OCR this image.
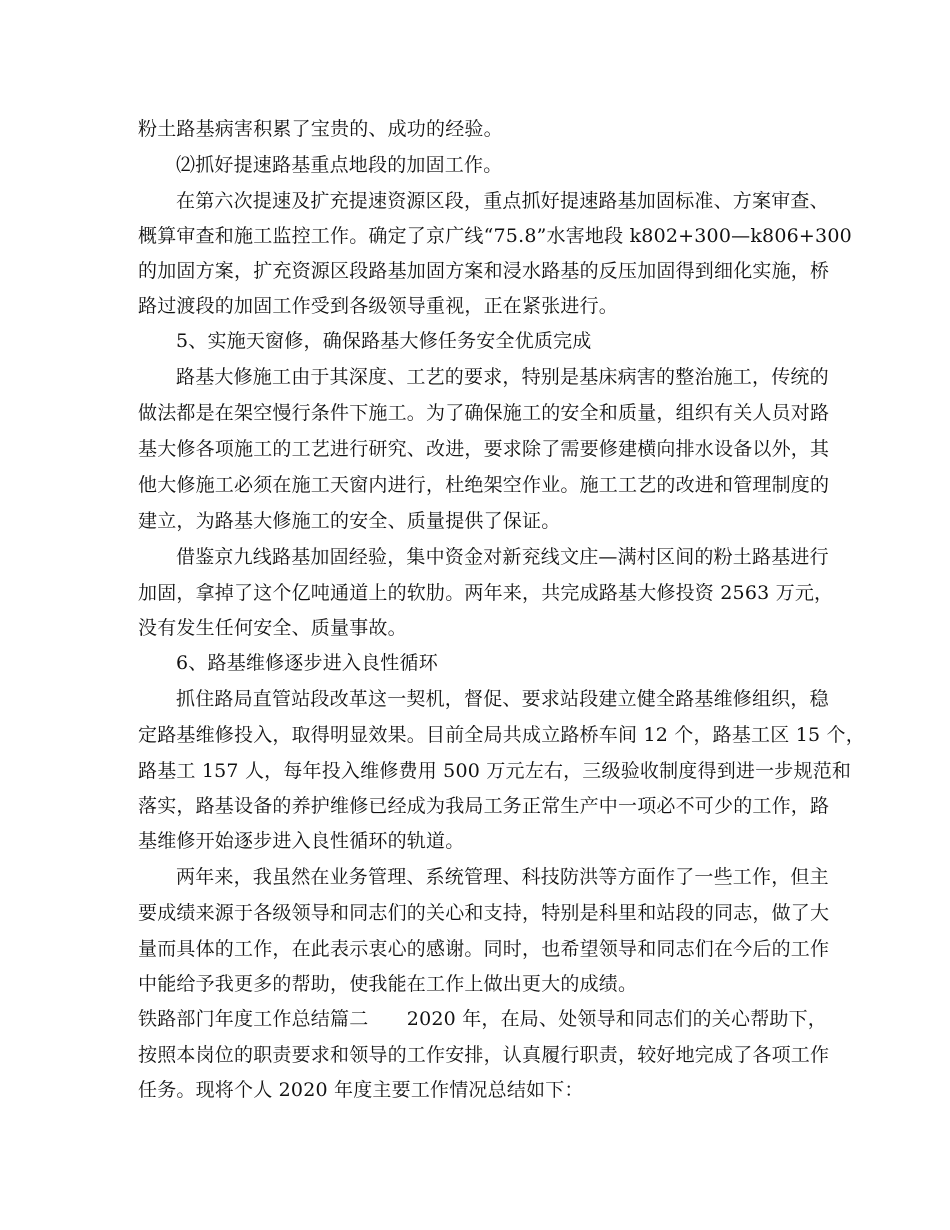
粉土路基病害积累了宝贵的、成功的经验。
⑵抓好提速路基重点地段的加固工作。
在第六次提速及扩充提速资源区段，重点抓好提速路基加固标准、方案审查、
概算审查和施工监控工作。确定了京广线“75.8”水害地段 k802+300—k806+300
的加固方案，扩充资源区段路基加固方案和浸水路基的反压加固得到细化实施，桥
路过渡段的加固工作受到各级领导重视，正在紧张进行。
5、实施天窗修，确保路基大修任务安全优质完成
路基大修施工由于其深度、工艺的要求，特别是基床病害的整治施工，传统的
做法都是在架空慢行条件下施工。为了确保施工的安全和质量，组织有关人员对路
基大修各项施工的工艺进行研究、改进，要求除了需要修建横向排水设备以外，其
他大修施工必须在施工天窗内进行，杜绝架空作业。施工工艺的改进和管理制度的
建立，为路基大修施工的安全、质量提供了保证。
借鉴京九线路基加固经验，集中资金对新兖线文庄—满村区间的粉土路基进行
加固，拿掉了这个亿吨通道上的软肋。两年来，共完成路基大修投资 2563 万元，
没有发生任何安全、质量事故。
6、路基维修逐步进入良性循环
抓住路局直管站段改革这一契机，督促、要求站段建立健全路基维修组织，稳
定路基维修投入，取得明显效果。目前全局共成立路桥车间 12 个，路基工区 15 个，
路基工 157 人，每年投入维修费用 500 万元左右，三级验收制度得到进一步规范和
落实，路基设备的养护维修已经成为我局工务正常生产中一项必不可少的工作，路
基维修开始逐步进入良性循环的轨道。
两年来，我虽然在业务管理、系统管理、科技防洪等方面作了一些工作，但主
要成绩来源于各级领导和同志们的关心和支持，特别是科里和站段的同志，做了大
量而具体的工作，在此表示衷心的感谢。同时，也希望领导和同志们在今后的工作
中能给予我更多的帮助，使我能在工作上做出更大的成绩。
铁路部门年度工作总结篇二　　2020 年，在局、处领导和同志们的关心帮助下，
按照本岗位的职责要求和领导的工作安排，认真履行职责，较好地完成了各项工作
任务。现将个人 2020 年度主要工作情况总结如下：
